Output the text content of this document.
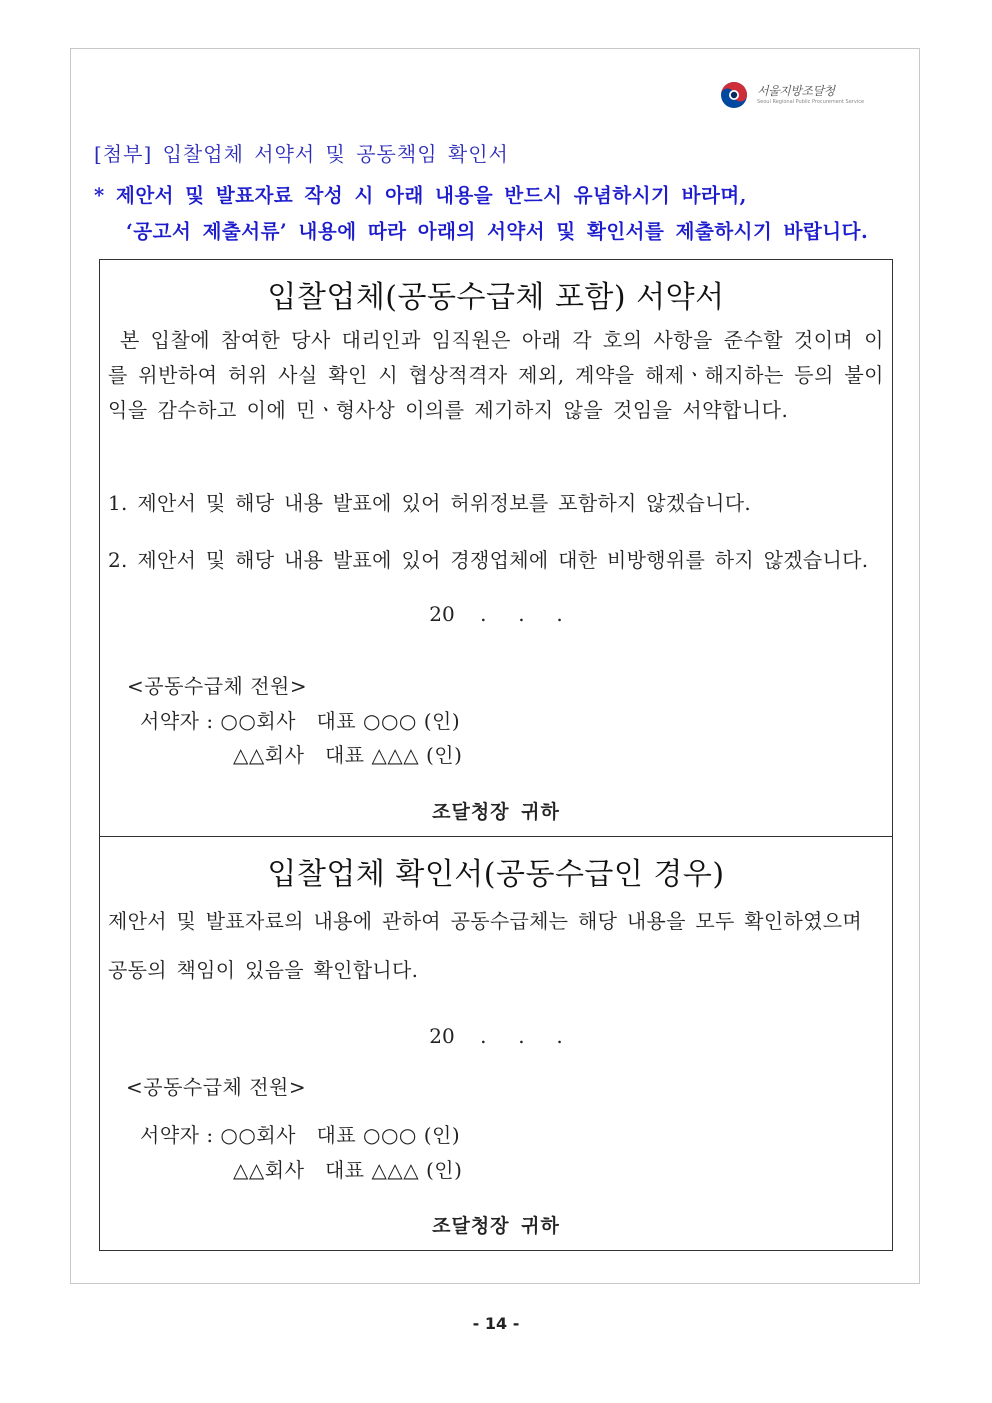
서울지방조달청
Seoul Regional Public Procurement Service
[첨부] 입찰업체 서약서 및 공동책임 확인서
* 제안서 및 발표자료 작성 시 아래 내용을 반드시 유념하시기 바라며,
‘공고서 제출서류’ 내용에 따라 아래의 서약서 및 확인서를 제출하시기 바랍니다.
입찰업체(공동수급체 포함) 서약서
본 입찰에 참여한 당사 대리인과 임직원은 아래 각 호의 사항을 준수할 것이며 이를 위반하여 허위 사실 확인 시 협상적격자 제외, 계약을 해제ㆍ해지하는 등의 불이익을 감수하고 이에 민ㆍ형사상 이의를 제기하지 않을 것임을 서약합니다.
1. 제안서 및 해당 내용 발표에 있어 허위정보를 포함하지 않겠습니다.
2. 제안서 및 해당 내용 발표에 있어 경쟁업체에 대한 비방행위를 하지 않겠습니다.
20    .     .     .
<공동수급체 전원>
서약자 : ○○회사   대표 ○○○ (인)
△△회사   대표 △△△ (인)
조달청장 귀하
입찰업체 확인서(공동수급인 경우)
제안서 및 발표자료의 내용에 관하여 공동수급체는 해당 내용을 모두 확인하였으며
공동의 책임이 있음을 확인합니다.
20    .     .     .
<공동수급체 전원>
서약자 : ○○회사   대표 ○○○ (인)
△△회사   대표 △△△ (인)
조달청장 귀하
- 14 -
